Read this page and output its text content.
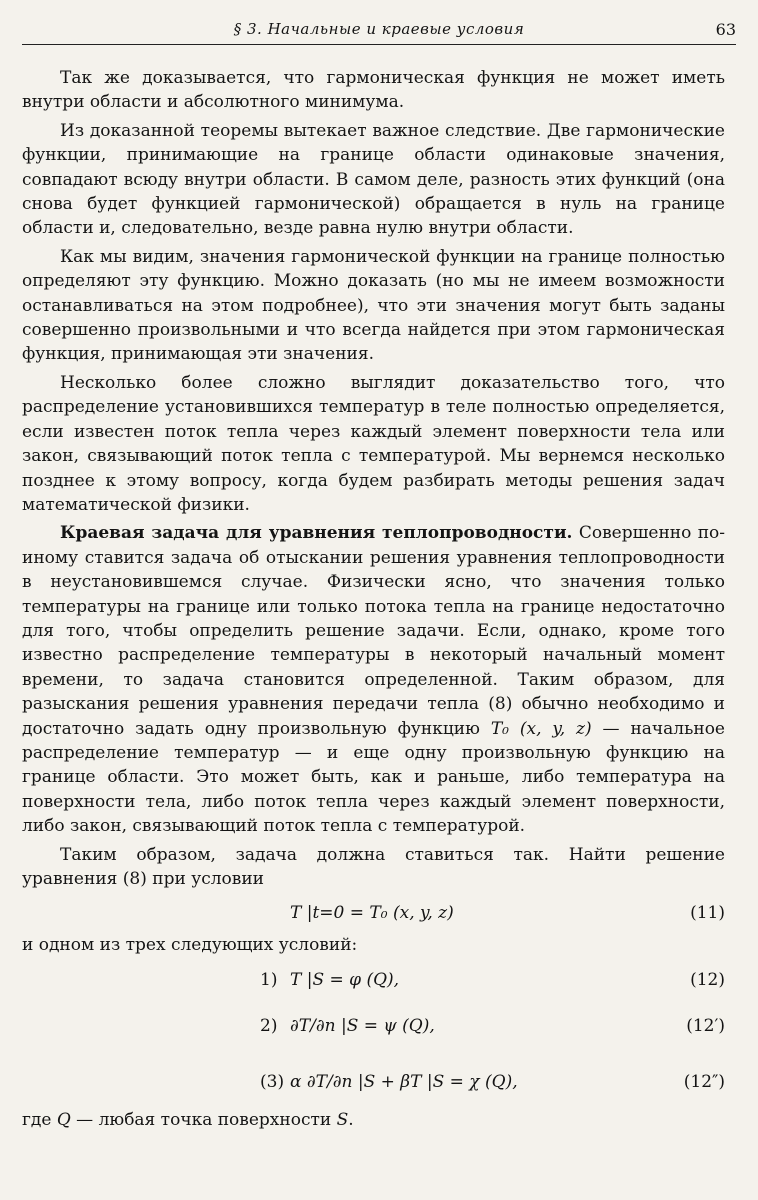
§ 3. Начальные и краевые условия	63

Так же доказывается, что гармоническая функция не может иметь внутри области и абсолютного минимума.

Из доказанной теоремы вытекает важное следствие. Две гармонические функции, принимающие на границе области одинаковые значения, совпадают всюду внутри области. В самом деле, разность этих функций (она снова будет функцией гармонической) обращается в нуль на границе области и, следовательно, везде равна нулю внутри области.

Как мы видим, значения гармонической функции на границе полностью определяют эту функцию. Можно доказать (но мы не имеем возможности останавливаться на этом подробнее), что эти значения могут быть заданы совершенно произвольными и что всегда найдется при этом гармоническая функция, принимающая эти значения.

Несколько более сложно выглядит доказательство того, что распределение установившихся температур в теле полностью определяется, если известен поток тепла через каждый элемент поверхности тела или закон, связывающий поток тепла с температурой. Мы вернемся несколько позднее к этому вопросу, когда будем разбирать методы решения задач математической физики.

Краевая задача для уравнения теплопроводности. Совершенно по-иному ставится задача об отыскании решения уравнения теплопроводности в неустановившемся случае. Физически ясно, что значения только температуры на границе или только потока тепла на границе недостаточно для того, чтобы определить решение задачи. Если, однако, кроме того известно распределение температуры в некоторый начальный момент времени, то задача становится определенной. Таким образом, для разыскания решения уравнения передачи тепла (8) обычно необходимо и достаточно задать одну произвольную функцию T₀ (x, y, z) — начальное распределение температур — и еще одну произвольную функцию на границе области. Это может быть, как и раньше, либо температура на поверхности тела, либо поток тепла через каждый элемент поверхности, либо закон, связывающий поток тепла с температурой.

Таким образом, задача должна ставиться так. Найти решение уравнения (8) при условии

T |t=0 = T₀ (x, y, z)	(11)

и одном из трех следующих условий:

1) T |S = φ (Q),	(12)
2) ∂T/∂n |S = ψ (Q),	(12′)
(3) α ∂T/∂n |S + βT |S = χ (Q),	(12″)

где Q — любая точка поверхности S.
